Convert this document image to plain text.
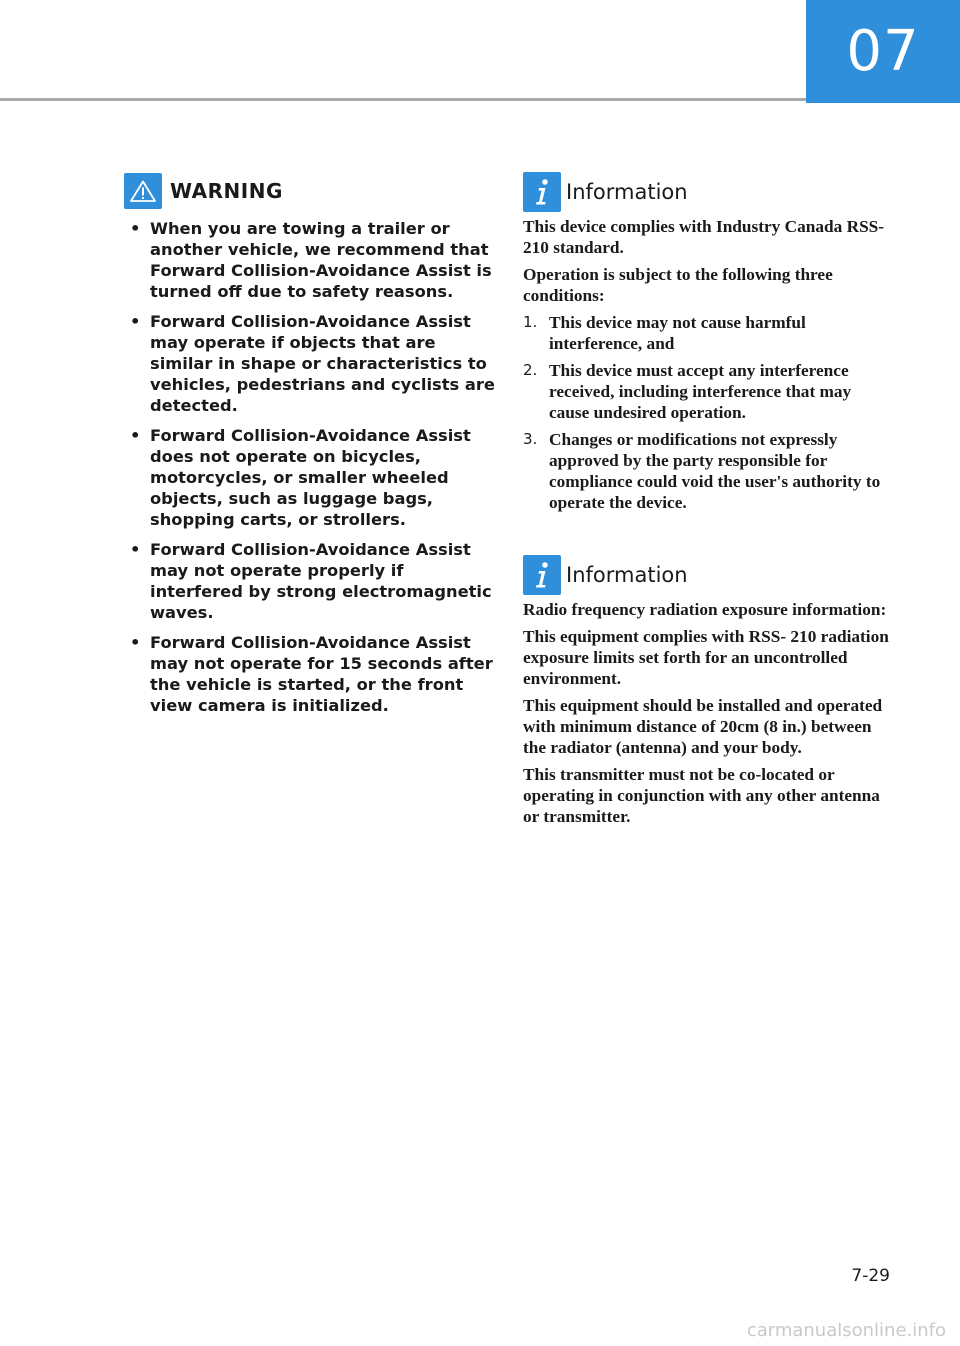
07
WARNING
• When you are towing a trailer or another vehicle, we recommend that Forward Collision-Avoidance Assist is turned off due to safety reasons.
• Forward Collision-Avoidance Assist may operate if objects that are similar in shape or characteristics to vehicles, pedestrians and cyclists are detected.
• Forward Collision-Avoidance Assist does not operate on bicycles, motorcycles, or smaller wheeled objects, such as luggage bags, shopping carts, or strollers.
• Forward Collision-Avoidance Assist may not operate properly if interfered by strong electromagnetic waves.
• Forward Collision-Avoidance Assist may not operate for 15 seconds after the vehicle is started, or the front view camera is initialized.
Information

This device complies with Industry Canada RSS-210 standard.

Operation is subject to the following three conditions:

1. This device may not cause harmful interference, and
2. This device must accept any interference received, including interference that may cause undesired operation.
3. Changes or modifications not expressly approved by the party responsible for compliance could void the user's authority to operate the device.
Information

Radio frequency radiation exposure information:

This equipment complies with RSS- 210 radiation exposure limits set forth for an uncontrolled environment.

This equipment should be installed and operated with minimum distance of 20cm (8 in.) between the radiator (antenna) and your body.

This transmitter must not be co-located or operating in conjunction with any other antenna or transmitter.

7-29
carmanualsonline.info
